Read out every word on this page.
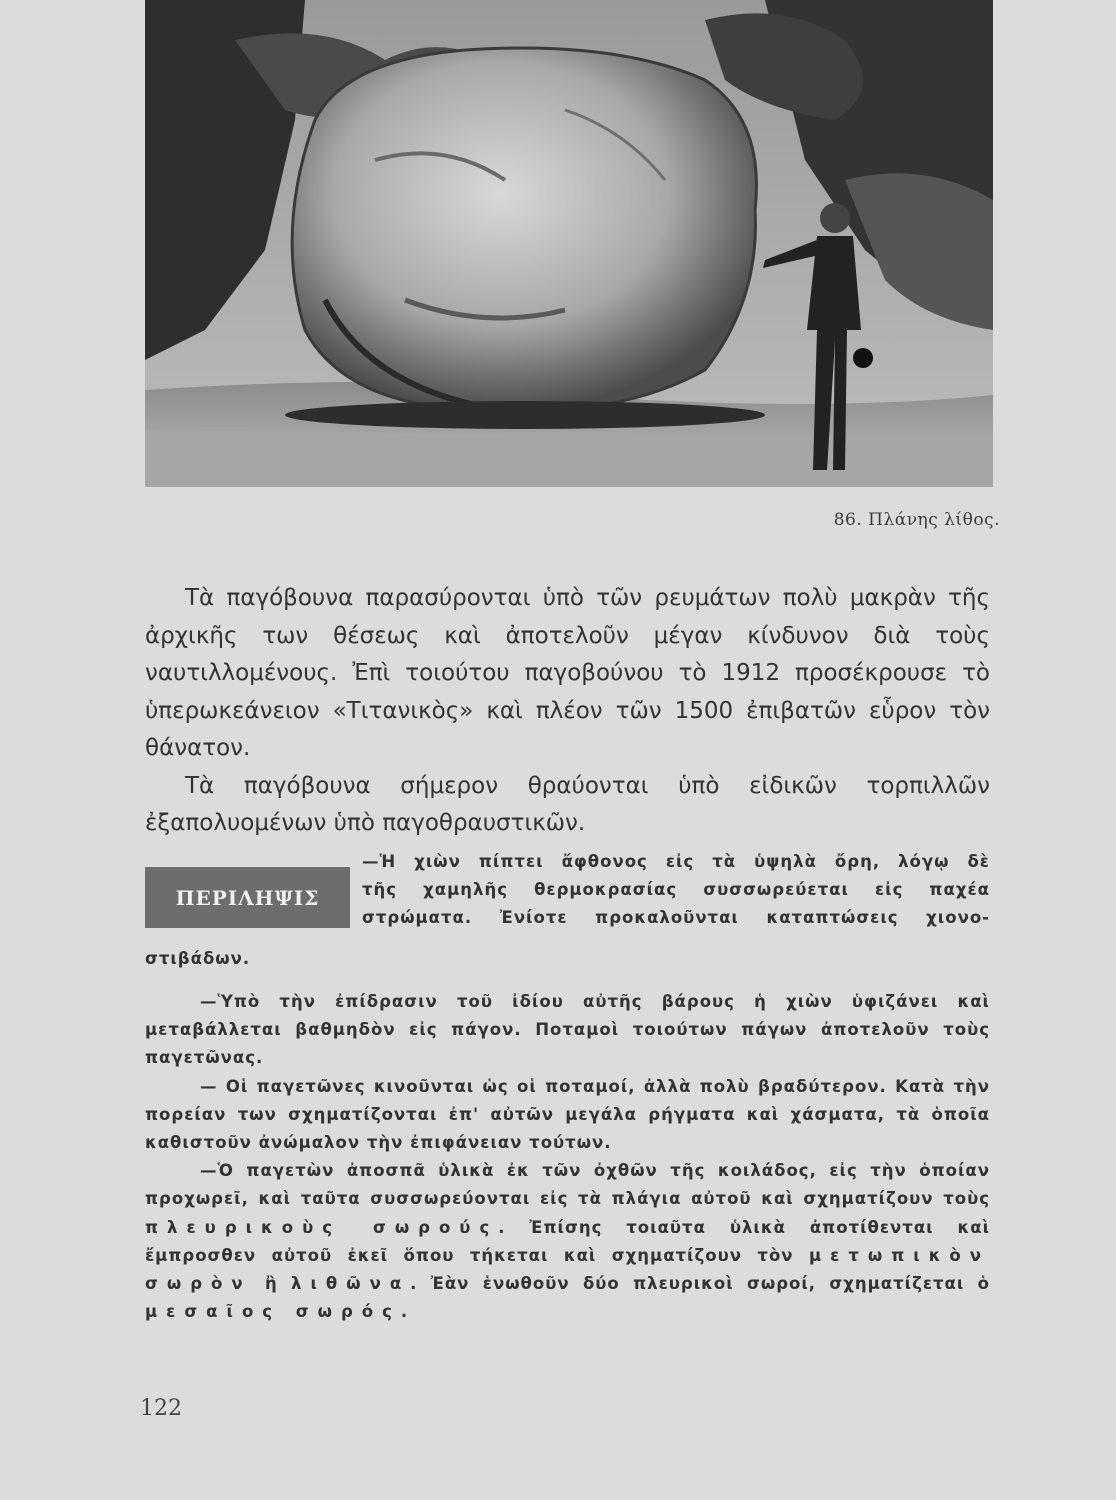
86. Πλάνης λίθος.

Τὰ παγόβουνα παρασύρονται ὑπὸ τῶν ρευμάτων πολὺ μακρὰν τῆς ἀρχικῆς των θέσεως καὶ ἀποτελοῦν μέγαν κίνδυνον διὰ τοὺς ναυτιλλομένους. Ἐπὶ τοιούτου παγοβούνου τὸ 1912 προσέκρουσε τὸ ὑπερωκεάνειον «Τιτανικὸς» καὶ πλέον τῶν 1500 ἐπιβατῶν εὗρον τὸν θάνατον.

Τὰ παγόβουνα σήμερον θραύονται ὑπὸ εἰδικῶν τορπιλλῶν ἐξαπολυομένων ὑπὸ παγοθραυστικῶν.

ΠΕΡΙΛΗΨΙΣ
—Ἡ χιὼν πίπτει ἄφθονος εἰς τὰ ὑψηλὰ ὄρη, λόγῳ δὲ
τῆς χαμηλῆς θερμοκρασίας συσσωρεύεται εἰς παχέα
στρώματα. Ἐνίοτε προκαλοῦνται καταπτώσεις χιονο-
στιβάδων.

—Ὑπὸ τὴν ἐπίδρασιν τοῦ ἰδίου αὐτῆς βάρους ἡ χιὼν ὑφιζάνει καὶ μεταβάλλεται βαθμηδὸν εἰς πάγον. Ποταμοὶ τοιούτων πάγων ἀποτελοῦν τοὺς παγετῶνας.

— Οἱ παγετῶνες κινοῦνται ὡς οἱ ποταμοί, ἀλλὰ πολὺ βραδύτερον. Κατὰ τὴν πορείαν των σχηματίζονται ἐπ' αὐτῶν μεγάλα ρήγματα καὶ χάσματα, τὰ ὁποῖα καθιστοῦν ἀνώμαλον τὴν ἐπιφάνειαν τούτων.

—Ὁ παγετὼν ἀποσπᾶ ὑλικὰ ἐκ τῶν ὀχθῶν τῆς κοιλάδος, εἰς τὴν ὁποίαν προχωρεῖ, καὶ ταῦτα συσσωρεύονται εἰς τὰ πλάγια αὐτοῦ καὶ σχηματίζουν τοὺς πλευρικοὺς σωρούς. Ἐπίσης τοιαῦτα ὑλικὰ ἀποτίθενται καὶ ἔμπροσθεν αὐτοῦ ἐκεῖ ὅπου τήκεται καὶ σχηματίζουν τὸν μετωπικὸν σωρὸν ἢ λιθῶνα. Ἐὰν ἑνωθοῦν δύο πλευρικοὶ σωροί, σχηματίζεται ὁ μεσαῖος σωρός.

122
